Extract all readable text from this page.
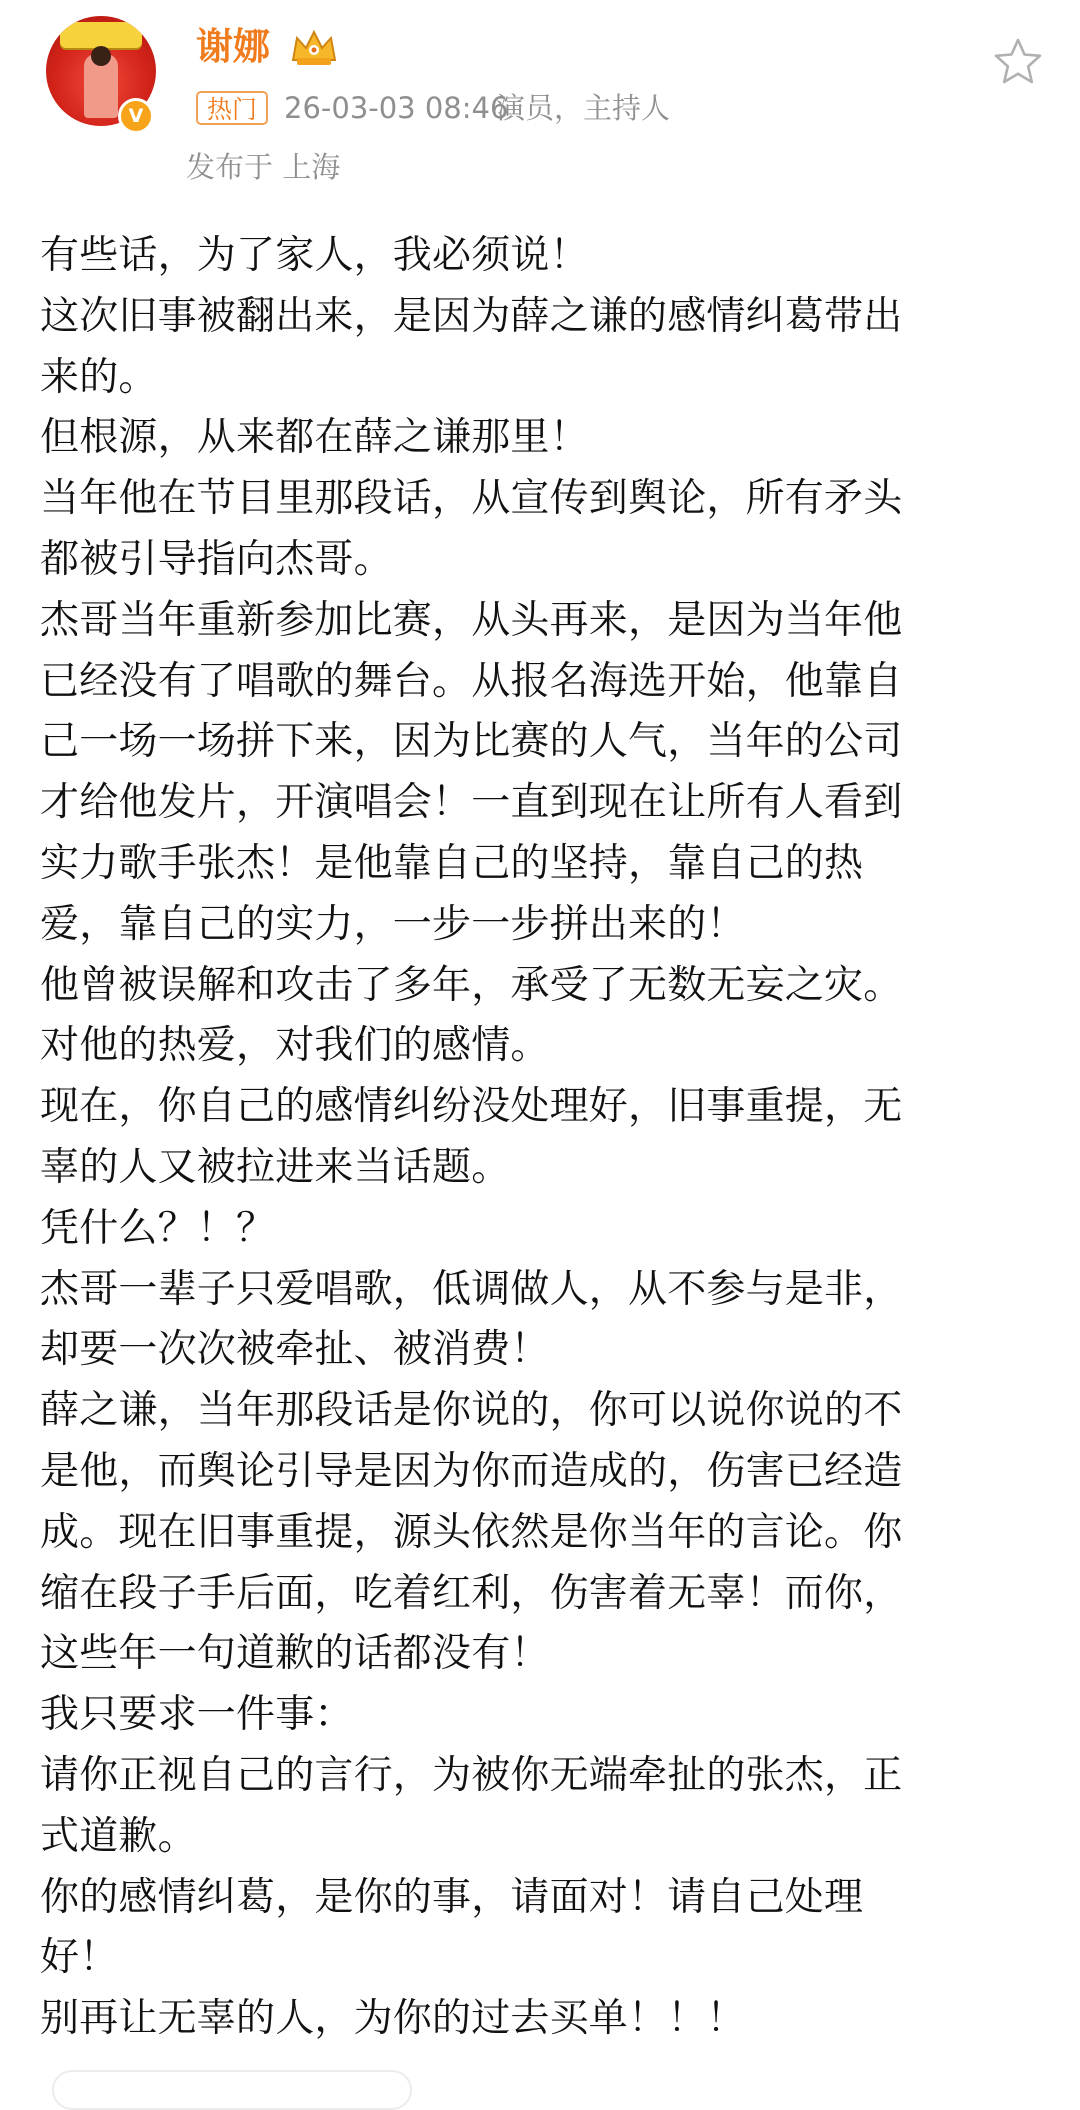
V
谢娜
热门 26-03-03 08:46
演员，主持人
发布于 上海
有些话，为了家人，我必须说！
这次旧事被翻出来，是因为薛之谦的感情纠葛带出
来的。
但根源，从来都在薛之谦那里！
当年他在节目里那段话，从宣传到舆论，所有矛头
都被引导指向杰哥。
杰哥当年重新参加比赛，从头再来，是因为当年他
已经没有了唱歌的舞台。从报名海选开始，他靠自
己一场一场拼下来，因为比赛的人气，当年的公司
才给他发片，开演唱会！一直到现在让所有人看到
实力歌手张杰！是他靠自己的坚持，靠自己的热
爱，靠自己的实力，一步一步拼出来的！
他曾被误解和攻击了多年，承受了无数无妄之灾。
对他的热爱，对我们的感情。
现在，你自己的感情纠纷没处理好，旧事重提，无
辜的人又被拉进来当话题。
凭什么？！？
杰哥一辈子只爱唱歌，低调做人，从不参与是非，
却要一次次被牵扯、被消费！
薛之谦，当年那段话是你说的，你可以说你说的不
是他，而舆论引导是因为你而造成的，伤害已经造
成。现在旧事重提，源头依然是你当年的言论。你
缩在段子手后面，吃着红利，伤害着无辜！而你，
这些年一句道歉的话都没有！
我只要求一件事：
请你正视自己的言行，为被你无端牵扯的张杰，正
式道歉。
你的感情纠葛，是你的事，请面对！请自己处理
好！
别再让无辜的人，为你的过去买单！！！
